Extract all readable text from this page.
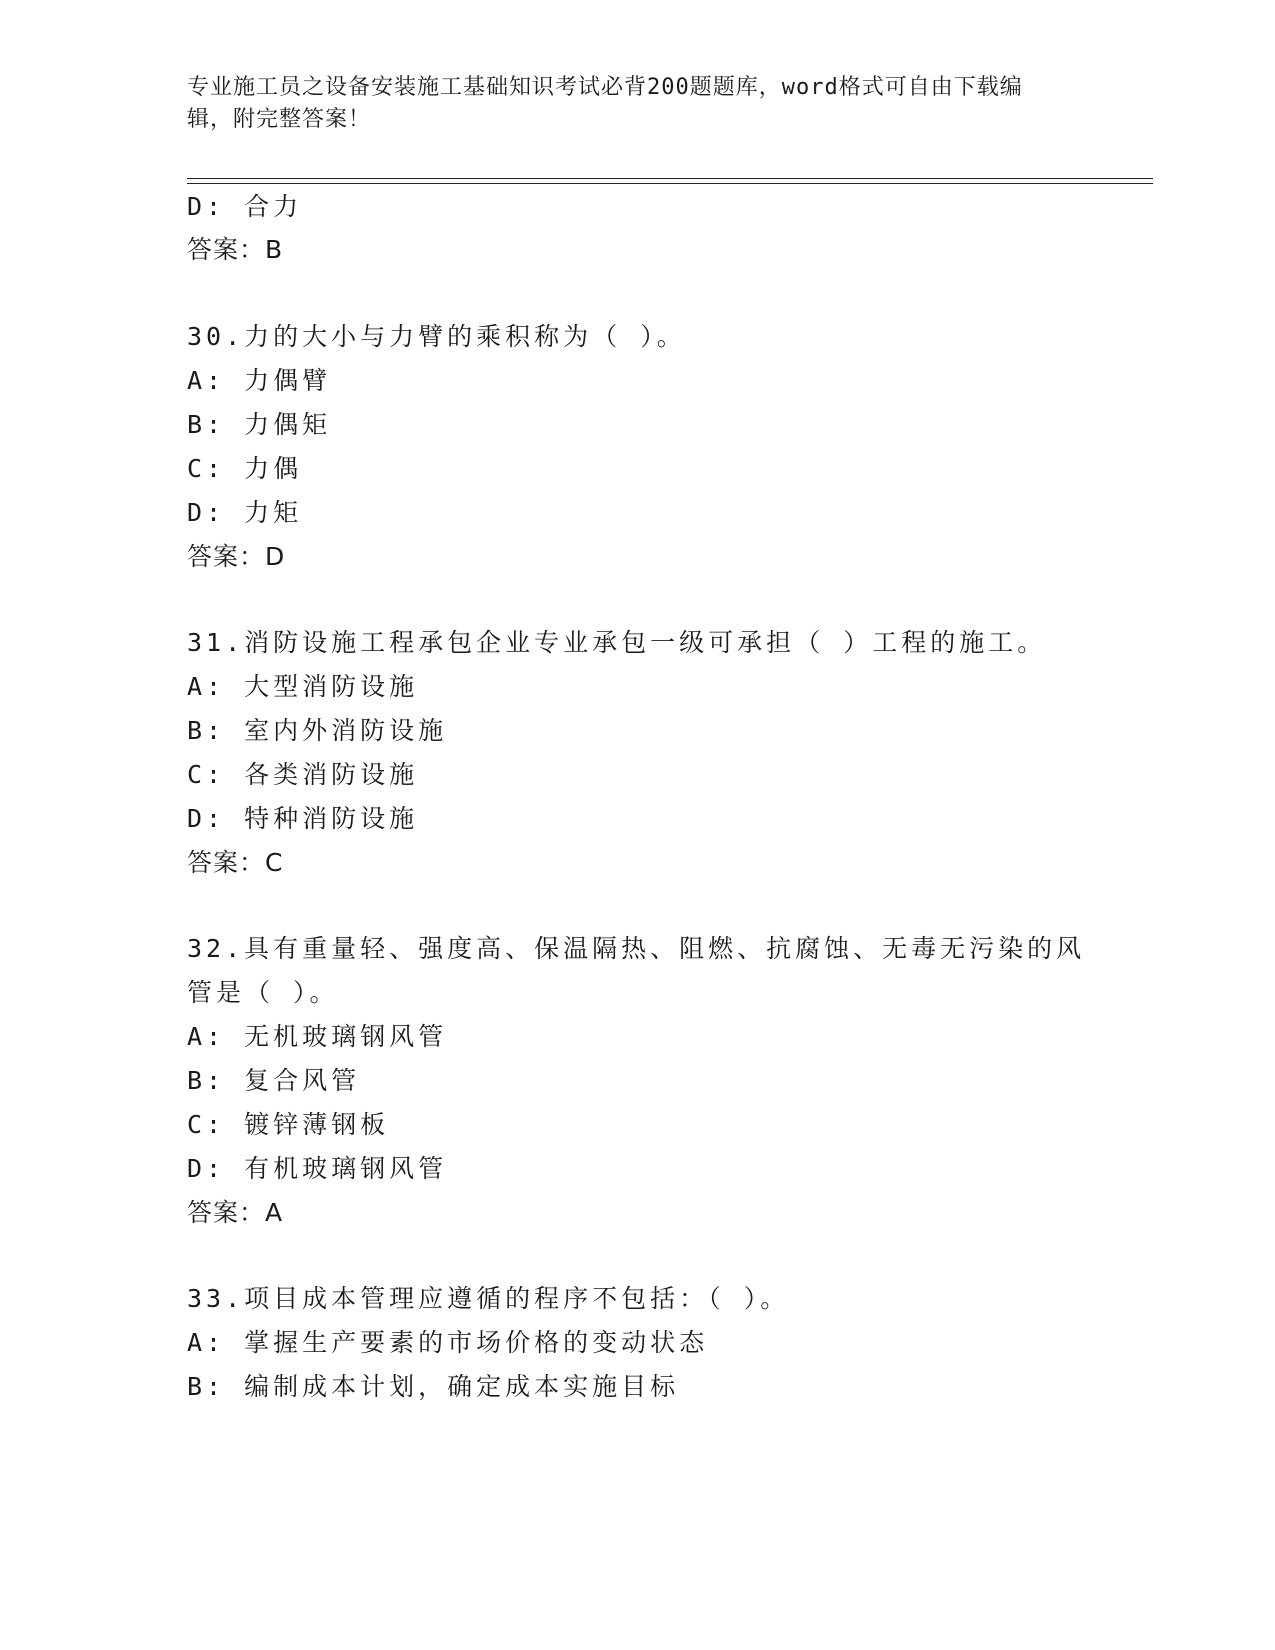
专业施工员之设备安装施工基础知识考试必背200题题库，word格式可自由下载编辑，附完整答案！
D: 合力
答案：B
30.力的大小与力臂的乘积称为（ ）。
A: 力偶臂
B: 力偶矩
C: 力偶
D: 力矩
答案：D
31.消防设施工程承包企业专业承包一级可承担（ ）工程的施工。
A: 大型消防设施
B: 室内外消防设施
C: 各类消防设施
D: 特种消防设施
答案：C
32.具有重量轻、强度高、保温隔热、阻燃、抗腐蚀、无毒无污染的风
管是（ ）。
A: 无机玻璃钢风管
B: 复合风管
C: 镀锌薄钢板
D: 有机玻璃钢风管
答案：A
33.项目成本管理应遵循的程序不包括：（ ）。
A: 掌握生产要素的市场价格的变动状态
B: 编制成本计划，确定成本实施目标
